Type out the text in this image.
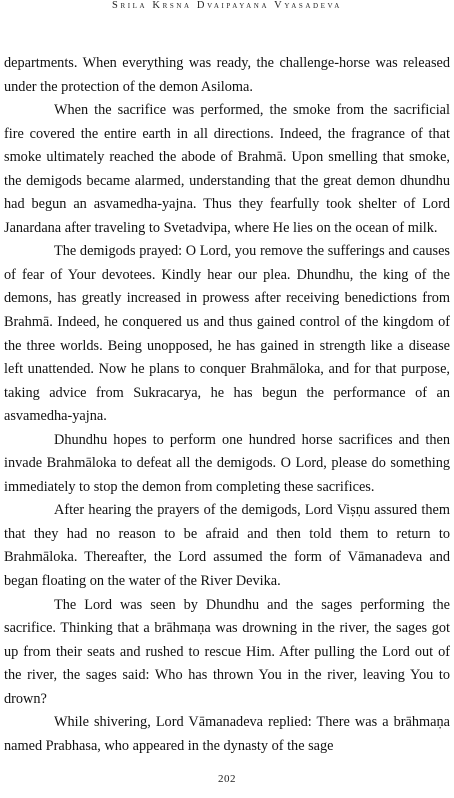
Srila Krsna Dvaipayana Vyasadeva

departments. When everything was ready, the challenge-horse was released under the protection of the demon Asiloma.

When the sacrifice was performed, the smoke from the sacrificial fire covered the entire earth in all directions. Indeed, the fragrance of that smoke ultimately reached the abode of Brahmā. Upon smelling that smoke, the demigods became alarmed, understanding that the great demon dhundhu had begun an asvamedha-yajna. Thus they fearfully took shelter of Lord Janardana after traveling to Svetadvipa, where He lies on the ocean of milk.

The demigods prayed: O Lord, you remove the sufferings and causes of fear of Your devotees. Kindly hear our plea. Dhundhu, the king of the demons, has greatly increased in prowess after receiving benedictions from Brahmā. Indeed, he conquered us and thus gained control of the kingdom of the three worlds. Being unopposed, he has gained in strength like a disease left unattended. Now he plans to conquer Brahmāloka, and for that purpose, taking advice from Sukracarya, he has begun the performance of an asvamedha-yajna.

Dhundhu hopes to perform one hundred horse sacrifices and then invade Brahmāloka to defeat all the demigods. O Lord, please do something immediately to stop the demon from completing these sacrifices.

After hearing the prayers of the demigods, Lord Viṣṇu assured them that they had no reason to be afraid and then told them to return to Brahmāloka. Thereafter, the Lord assumed the form of Vāmanadeva and began floating on the water of the River Devika.

The Lord was seen by Dhundhu and the sages performing the sacrifice. Thinking that a brāhmaṇa was drowning in the river, the sages got up from their seats and rushed to rescue Him. After pulling the Lord out of the river, the sages said: Who has thrown You in the river, leaving You to drown?

While shivering, Lord Vāmanadeva replied: There was a brāhmaṇa named Prabhasa, who appeared in the dynasty of the sage

202
